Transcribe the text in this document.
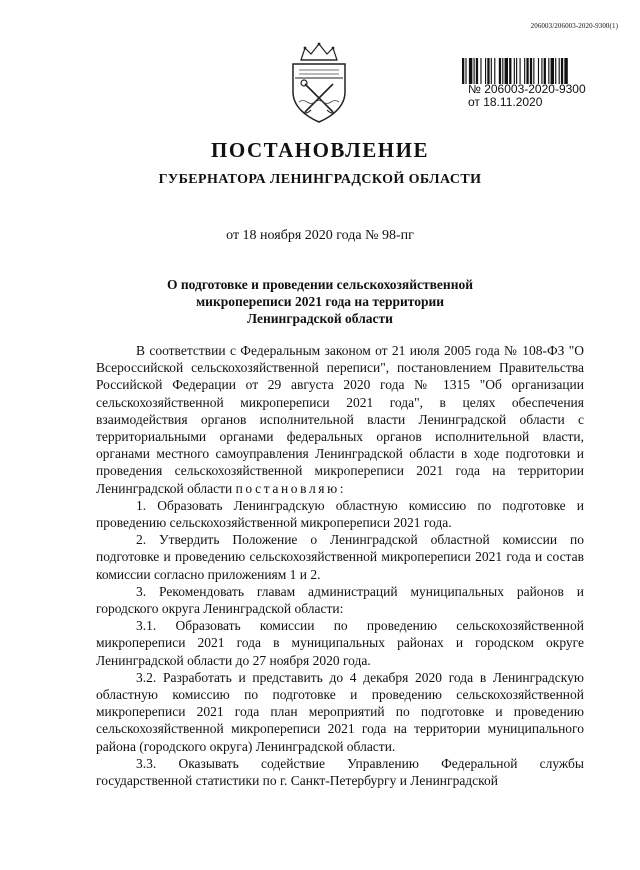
206003/206003-2020-9300(1)
№ 206003-2020-9300
от 18.11.2020
ПОСТАНОВЛЕНИЕ
ГУБЕРНАТОРА ЛЕНИНГРАДСКОЙ ОБЛАСТИ
от 18 ноября 2020 года № 98-пг
О подготовке и проведении сельскохозяйственной
микропереписи 2021 года на территории
Ленинградской области

В соответствии с Федеральным законом от 21 июля 2005 года № 108-ФЗ "О Всероссийской сельскохозяйственной переписи", постановлением Правительства Российской Федерации от 29 августа 2020 года № 1315 "Об организации сельскохозяйственной микропереписи 2021 года", в целях обеспечения взаимодействия органов исполнительной власти Ленинградской области с территориальными органами федеральных органов исполнительной власти, органами местного самоуправления Ленинградской области в ходе подготовки и проведения сельскохозяйственной микропереписи 2021 года на территории Ленинградской области постановляю:

1. Образовать Ленинградскую областную комиссию по подготовке и проведению сельскохозяйственной микропереписи 2021 года.

2. Утвердить Положение о Ленинградской областной комиссии по подготовке и проведению сельскохозяйственной микропереписи 2021 года и состав комиссии согласно приложениям 1 и 2.

3. Рекомендовать главам администраций муниципальных районов и городского округа Ленинградской области:

3.1. Образовать комиссии по проведению сельскохозяйственной микропереписи 2021 года в муниципальных районах и городском округе Ленинградской области до 27 ноября 2020 года.

3.2. Разработать и представить до 4 декабря 2020 года в Ленинградскую областную комиссию по подготовке и проведению сельскохозяйственной микропереписи 2021 года план мероприятий по подготовке и проведению сельскохозяйственной микропереписи 2021 года на территории муниципального района (городского округа) Ленинградской области.

3.3. Оказывать содействие Управлению Федеральной службы государственной статистики по г. Санкт-Петербургу и Ленинградской
